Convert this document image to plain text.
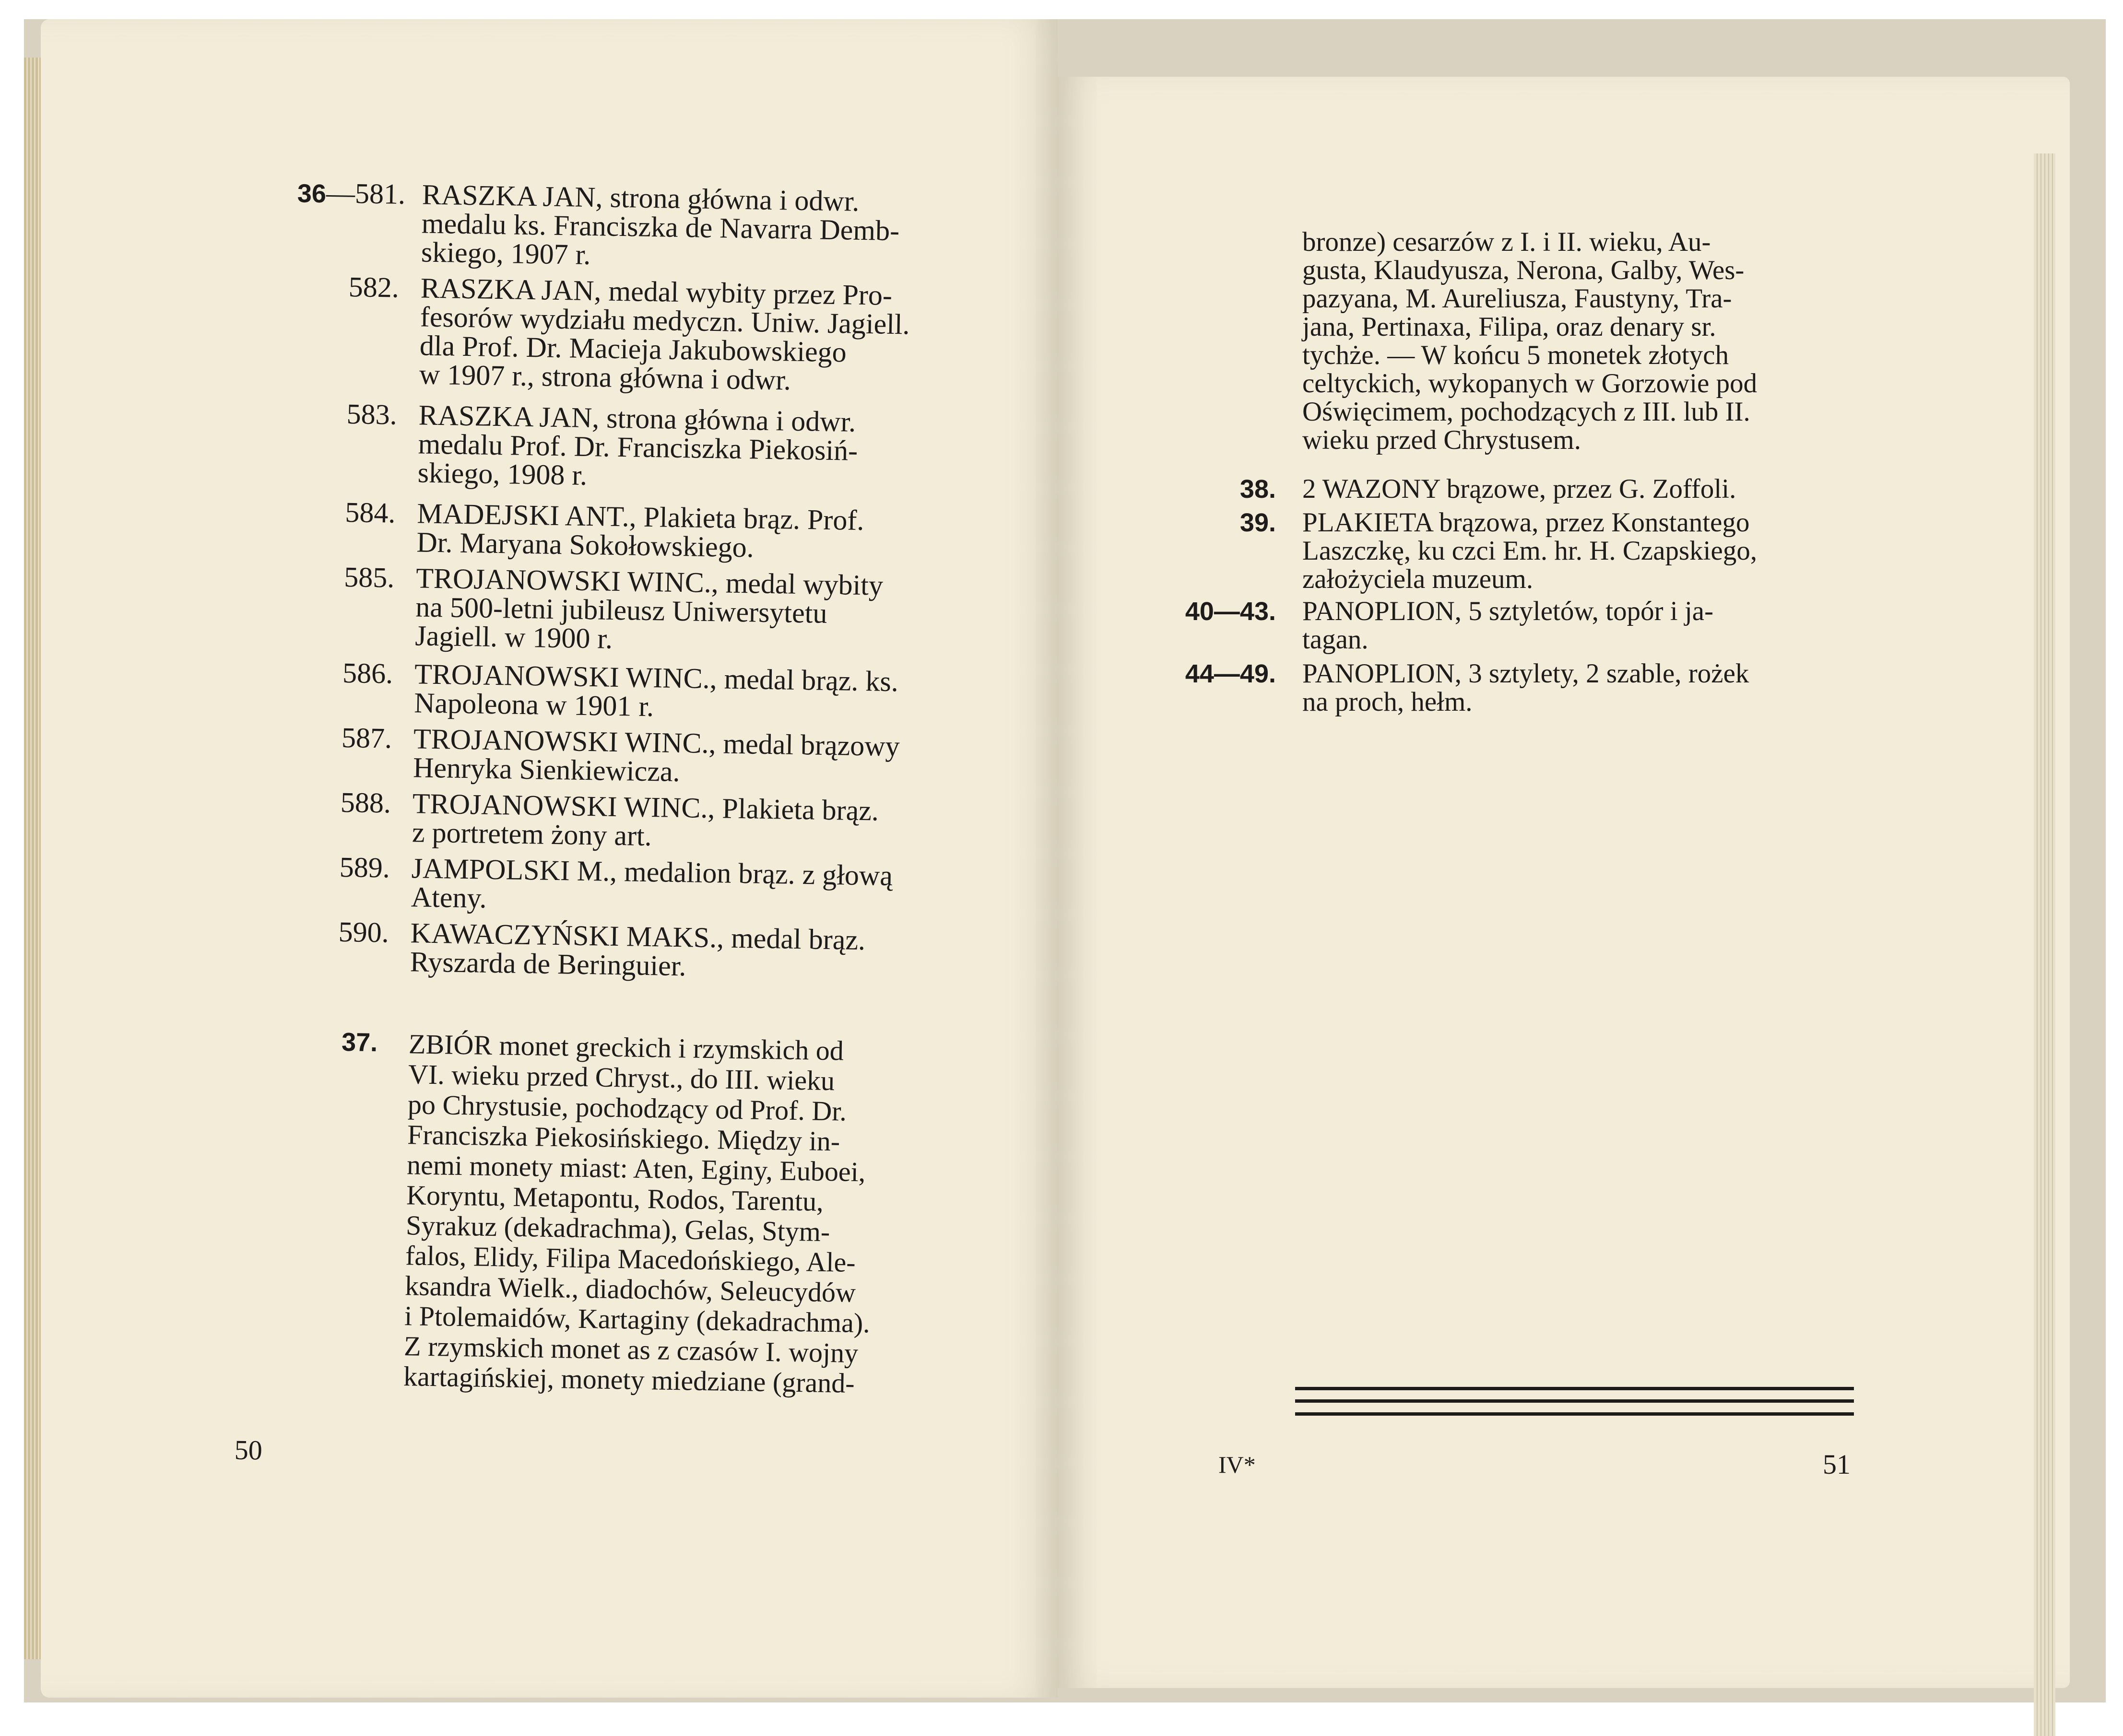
36—581. RASZKA JAN, strona główna i odwr.
medalu ks. Franciszka de Navarra Demb-
skiego, 1907 r.
582. RASZKA JAN, medal wybity przez Pro-
fesorów wydziału medyczn. Uniw. Jagiell.
dla Prof. Dr. Macieja Jakubowskiego
w 1907 r., strona główna i odwr.
583. RASZKA JAN, strona główna i odwr.
medalu Prof. Dr. Franciszka Piekosiń-
skiego, 1908 r.
584. MADEJSKI ANT., Plakieta brąz. Prof.
Dr. Maryana Sokołowskiego.
585. TROJANOWSKI WINC., medal wybity
na 500-letni jubileusz Uniwersytetu
Jagiell. w 1900 r.
586. TROJANOWSKI WINC., medal brąz. ks.
Napoleona w 1901 r.
587. TROJANOWSKI WINC., medal brązowy
Henryka Sienkiewicza.
588. TROJANOWSKI WINC., Plakieta brąz.
z portretem żony art.
589. JAMPOLSKI M., medalion brąz. z głową
Ateny.
590. KAWACZYŃSKI MAKS., medal brąz.
Ryszarda de Beringuier.
37. ZBIÓR monet greckich i rzymskich od
VI. wieku przed Chryst., do III. wieku
po Chrystusie, pochodzący od Prof. Dr.
Franciszka Piekosińskiego. Między in-
nemi monety miast: Aten, Eginy, Euboei,
Koryntu, Metapontu, Rodos, Tarentu,
Syrakuz (dekadrachma), Gelas, Stym-
falos, Elidy, Filipa Macedońskiego, Ale-
ksandra Wielk., diadochów, Seleucydów
i Ptolemaidów, Kartaginy (dekadrachma).
Z rzymskich monet as z czasów I. wojny
kartagińskiej, monety miedziane (grand-
50
bronze) cesarzów z I. i II. wieku, Au-
gusta, Klaudyusza, Nerona, Galby, Wes-
pazyana, M. Aureliusza, Faustyny, Tra-
jana, Pertinaxa, Filipa, oraz denary sr.
tychże. — W końcu 5 monetek złotych
celtyckich, wykopanych w Gorzowie pod
Oświęcimem, pochodzących z III. lub II.
wieku przed Chrystusem.
38. 2 WAZONY brązowe, przez G. Zoffoli.
39. PLAKIETA brązowa, przez Konstantego
Laszczkę, ku czci Em. hr. H. Czapskiego,
założyciela muzeum.
40—43. PANOPLION, 5 sztyletów, topór i ja-
tagan.
44—49. PANOPLION, 3 sztylety, 2 szable, rożek
na proch, hełm.
IV*	51
